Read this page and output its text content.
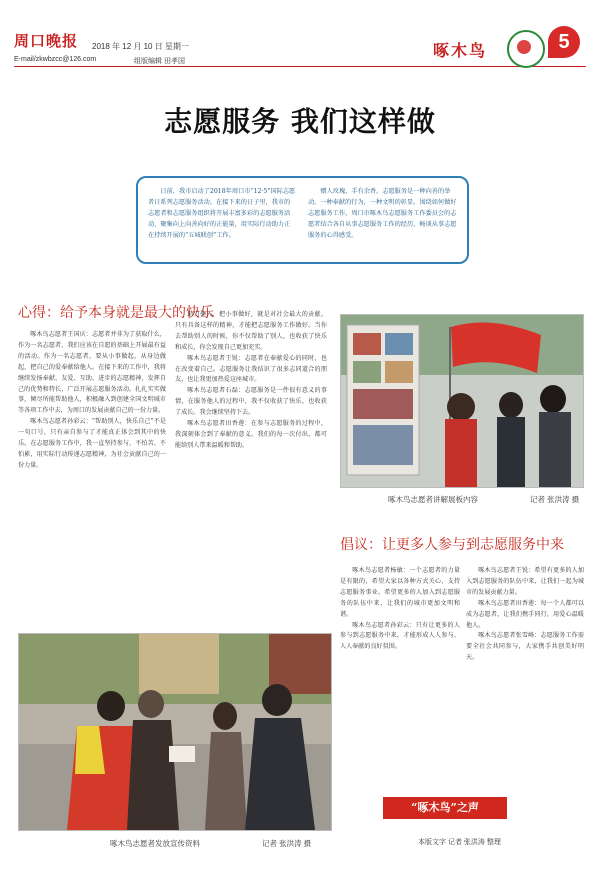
周口晚报 2018 年 12 月 10 日 星期一
E-mail/zkwbzcc@126.com	组版编辑 田孝国
啄木鸟	5
志愿服务 我们这样做
日前，我市启动了2018年周口市“12·5”国际志愿者日系列志愿服务活动。在接下来的日子里，我市的志愿者和志愿服务组织将开展丰富多彩的志愿服务活动，聚集向上向善向好的正能量，用实际行动助力正在持续开展的“五城联创”工作。
赠人玫瑰，手有余香。志愿服务是一种向善的举动，一种奉献的行为，一种文明的彰显。围绕如何做好志愿服务工作，周口市啄木鸟志愿服务工作委员会的志愿者结合各自从事志愿服务工作的经历，畅谈从事志愿服务的心得感受。
心得：给予本身就是最大的快乐

啄木鸟志愿者王国庆：志愿者并非为了获取什么，作为一名志愿者，我们应该在自愿的基础上开展最有益的活动。作为一名志愿者，要从小事做起，从身边做起，把自己的爱奉献给他人。在接下来的工作中，我将继续发扬奉献、友爱、互助、进步的志愿精神，发挥自己的优势和特长，广泛开展志愿服务活动。扎扎实实做事，倾尽所能帮助他人，积极融入到创建全国文明城市等各项工作中去，为周口的发展贡献自己的一份力量。

啄木鸟志愿者孙彩云：“帮助别人，快乐自己”不是一句口号，只有亲自参与了才能真正体会到其中的快乐。在志愿服务工作中，我一直坚持参与，不怕苦、不怕累，用实际行动传递志愿精神，为社会贡献自己的一份力量。

助力他人，把小事做好，就是对社会最大的贡献。只有具备这样的精神，才能把志愿服务工作做好。当你去帮助别人的时候，你不仅帮助了别人，也收获了快乐和成长，你会发现自己更加充实。

啄木鸟志愿者王锐：志愿者在奉献爱心的同时，也在改变着自己。志愿服务让我结识了很多志同道合的朋友，也让我更加热爱这座城市。

啄木鸟志愿者石磊：志愿服务是一件很有意义的事情，在服务他人的过程中，我不仅收获了快乐，也收获了成长。我会继续坚持下去。

啄木鸟志愿者田香莲：在参与志愿服务的过程中，我深刻体会到了奉献的意义。我们的每一次付出，都可能给别人带来温暖和帮助。

啄木鸟志愿者讲解展板内容	记者 张洪涛 摄
倡议：让更多人参与到志愿服务中来

啄木鸟志愿者杨敏：一个志愿者的力量是有限的，希望大家以各种方式关心、支持志愿服务事业。希望更多的人加入到志愿服务的队伍中来，让我们的城市更加文明和谐。

啄木鸟志愿者孙彩云：只有让更多的人参与到志愿服务中来，才能形成人人参与、人人奉献的良好氛围。

啄木鸟志愿者王锐：希望有更多的人加入到志愿服务的队伍中来，让我们一起为城市的发展贡献力量。

啄木鸟志愿者田香莲：每一个人都可以成为志愿者，让我们携手同行，用爱心温暖他人。

啄木鸟志愿者张雪峰：志愿服务工作需要全社会共同参与，大家携手共创美好明天。

啄木鸟志愿者发放宣传资料	记者 张洪涛 摄
“啄木鸟”之声
本版文字 记者 张洪涛 整理
